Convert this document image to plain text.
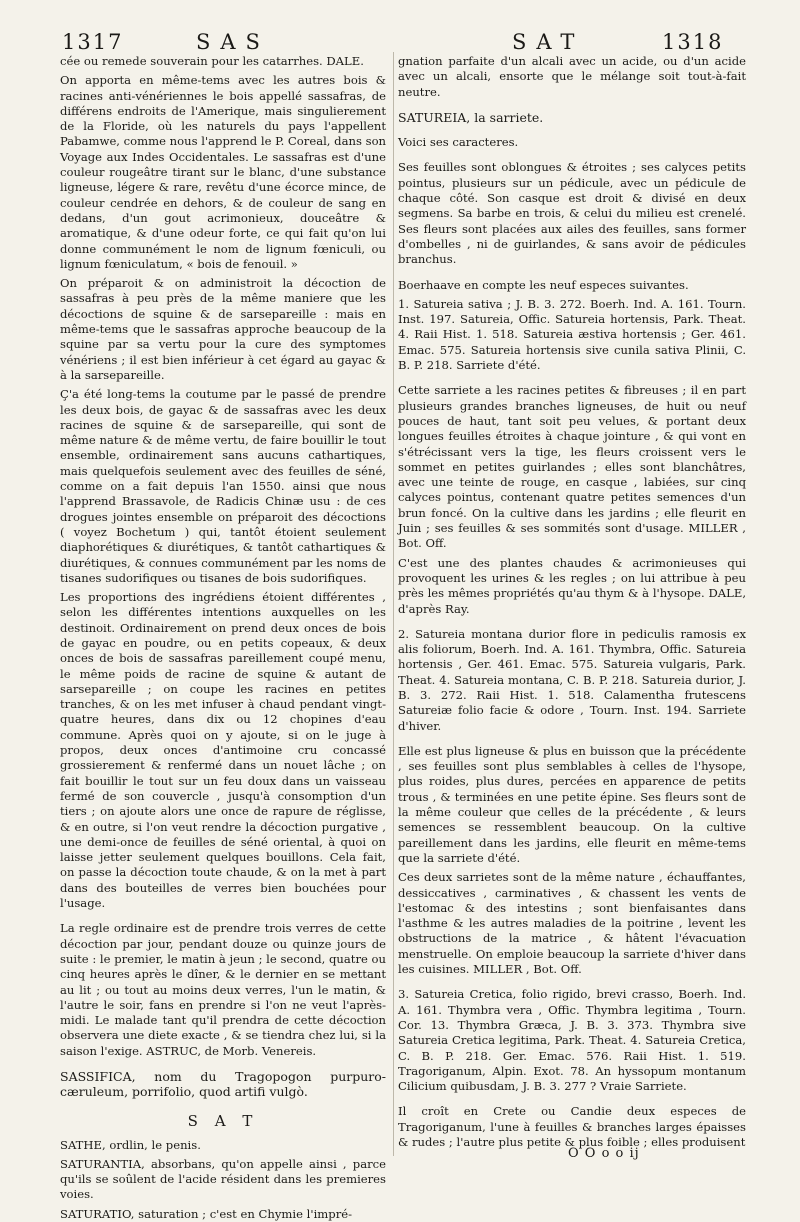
1317	SAS	SAT	1318

cée ou remede souverain pour les catarrhes. DALE.

On apporta en même-tems avec les autres bois & racines anti-vénériennes le bois appellé sassafras, de différens endroits de l'Amerique, mais singulierement de la Floride, où les naturels du pays l'appellent Pabamwe, comme nous l'apprend le P. Coreal, dans son Voyage aux Indes Occidentales. Le sassafras est d'une couleur rougeâtre tirant sur le blanc, d'une substance ligneuse, légere & rare, revêtu d'une écorce mince, de couleur cendrée en dehors, & de couleur de sang en dedans, d'un gout acrimonieux, douceâtre & aromatique, & d'une odeur forte, ce qui fait qu'on lui donne communément le nom de lignum fœniculi, ou lignum fœniculatum, « bois de fenouil. »

On préparoit & on administroit la décoction de sassafras à peu près de la même maniere que les décoctions de squine & de sarsepareille : mais en même-tems que le sassafras approche beaucoup de la squine par sa vertu pour la cure des symptomes vénériens ; il est bien inférieur à cet égard au gayac & à la sarsepareille.

Ç'a été long-tems la coutume par le passé de prendre les deux bois, de gayac & de sassafras avec les deux racines de squine & de sarsepareille, qui sont de même nature & de même vertu, de faire bouillir le tout ensemble, ordinairement sans aucuns cathartiques, mais quelquefois seulement avec des feuilles de séné, comme on a fait depuis l'an 1550. ainsi que nous l'apprend Brassavole, de Radicis Chinæ usu : de ces drogues jointes ensemble on préparoit des décoctions ( voyez Bochetum ) qui, tantôt étoient seulement diaphorétiques & diurétiques, & tantôt cathartiques & diurétiques, & connues communément par les noms de tisanes sudorifiques ou tisanes de bois sudorifiques.

Les proportions des ingrédiens étoient différentes , selon les différentes intentions auxquelles on les destinoit. Ordinairement on prend deux onces de bois de gayac en poudre, ou en petits copeaux, & deux onces de bois de sassafras pareillement coupé menu, le même poids de racine de squine & autant de sarsepareille ; on coupe les racines en petites tranches, & on les met infuser à chaud pendant vingt-quatre heures, dans dix ou 12 chopines d'eau commune. Après quoi on y ajoute, si on le juge à propos, deux onces d'antimoine cru concassé grossierement & renfermé dans un nouet lâche ; on fait bouillir le tout sur un feu doux dans un vaisseau fermé de son couvercle , jusqu'à consomption d'un tiers ; on ajoute alors une once de rapure de réglisse, & en outre, si l'on veut rendre la décoction purgative , une demi-once de feuilles de séné oriental, à quoi on laisse jetter seulement quelques bouillons. Cela fait, on passe la décoction toute chaude, & on la met à part dans des bouteilles de verres bien bouchées pour l'usage.

La regle ordinaire est de prendre trois verres de cette décoction par jour, pendant douze ou quinze jours de suite : le premier, le matin à jeun ; le second, quatre ou cinq heures après le dîner, & le dernier en se mettant au lit ; ou tout au moins deux verres, l'un le matin, & l'autre le soir, fans en prendre si l'on ne veut l'après-midi. Le malade tant qu'il prendra de cette décoction observera une diete exacte , & se tiendra chez lui, si la saison l'exige. ASTRUC, de Morb. Venereis.

SASSIFICA, nom du Tragopogon purpuro-cæruleum, porrifolio, quod artifi vulgò.

S A T

SATHE, ordlin, le penis.

SATURANTIA, absorbans, qu'on appelle ainsi , parce qu'ils se soûlent de l'acide résident dans les premieres voies.

SATURATIO, saturation ; c'est en Chymie l'impré-

gnation parfaite d'un alcali avec un acide, ou d'un acide avec un alcali, ensorte que le mélange soit tout-à-fait neutre.

SATUREIA, la sarriete.

Voici ses caracteres.

Ses feuilles sont oblongues & étroites ; ses calyces petits pointus, plusieurs sur un pédicule, avec un pédicule de chaque côté. Son casque est droit & divisé en deux segmens. Sa barbe en trois, & celui du milieu est crenelé. Ses fleurs sont placées aux ailes des feuilles, sans former d'ombelles , ni de guirlandes, & sans avoir de pédicules branchus.

Boerhaave en compte les neuf especes suivantes.

1. Satureia sativa ; J. B. 3. 272. Boerh. Ind. A. 161. Tourn. Inst. 197. Satureia, Offic. Satureia hortensis, Park. Theat. 4. Raii Hist. 1. 518. Satureia æstiva hortensis ; Ger. 461. Emac. 575. Satureia hortensis sive cunila sativa Plinii, C. B. P. 218. Sarriete d'été.

Cette sarriete a les racines petites & fibreuses ; il en part plusieurs grandes branches ligneuses, de huit ou neuf pouces de haut, tant soit peu velues, & portant deux longues feuilles étroites à chaque jointure , & qui vont en s'étrécissant vers la tige, les fleurs croissent vers le sommet en petites guirlandes ; elles sont blanchâtres, avec une teinte de rouge, en casque , labiées, sur cinq calyces pointus, contenant quatre petites semences d'un brun foncé. On la cultive dans les jardins ; elle fleurit en Juin ; ses feuilles & ses sommités sont d'usage. MILLER , Bot. Off.

C'est une des plantes chaudes & acrimonieuses qui provoquent les urines & les regles ; on lui attribue à peu près les mêmes propriétés qu'au thym & à l'hysope. DALE, d'après Ray.

2. Satureia montana durior flore in pediculis ramosis ex alis foliorum, Boerh. Ind. A. 161. Thymbra, Offic. Satureia hortensis , Ger. 461. Emac. 575. Satureia vulgaris, Park. Theat. 4. Satureia montana, C. B. P. 218. Satureia durior, J. B. 3. 272. Raii Hist. 1. 518. Calamentha frutescens Satureiæ folio facie & odore , Tourn. Inst. 194. Sarriete d'hiver.

Elle est plus ligneuse & plus en buisson que la précédente , ses feuilles sont plus semblables à celles de l'hysope, plus roides, plus dures, percées en apparence de petits trous , & terminées en une petite épine. Ses fleurs sont de la même couleur que celles de la précédente , & leurs semences se ressemblent beaucoup. On la cultive pareillement dans les jardins, elle fleurit en même-tems que la sarriete d'été.

Ces deux sarrietes sont de la même nature , échauffantes, dessiccatives , carminatives , & chassent les vents de l'estomac & des intestins ; sont bienfaisantes dans l'asthme & les autres maladies de la poitrine , levent les obstructions de la matrice , & hâtent l'évacuation menstruelle. On emploie beaucoup la sarriete d'hiver dans les cuisines. MILLER , Bot. Off.

3. Satureia Cretica, folio rigido, brevi crasso, Boerh. Ind. A. 161. Thymbra vera , Offic. Thymbra legitima , Tourn. Cor. 13. Thymbra Græca, J. B. 3. 373. Thymbra sive Satureia Cretica legitima, Park. Theat. 4. Satureia Cretica, C. B. P. 218. Ger. Emac. 576. Raii Hist. 1. 519. Tragoriganum, Alpin. Exot. 78. An hyssopum montanum Cilicium quibusdam, J. B. 3. 277 ? Vraie Sarriete.

Il croît en Crete ou Candie deux especes de Tragoriganum, l'une à feuilles & branches larges épaisses & rudes ; l'autre plus petite & plus foible ; elles produisent

O O o o ij
